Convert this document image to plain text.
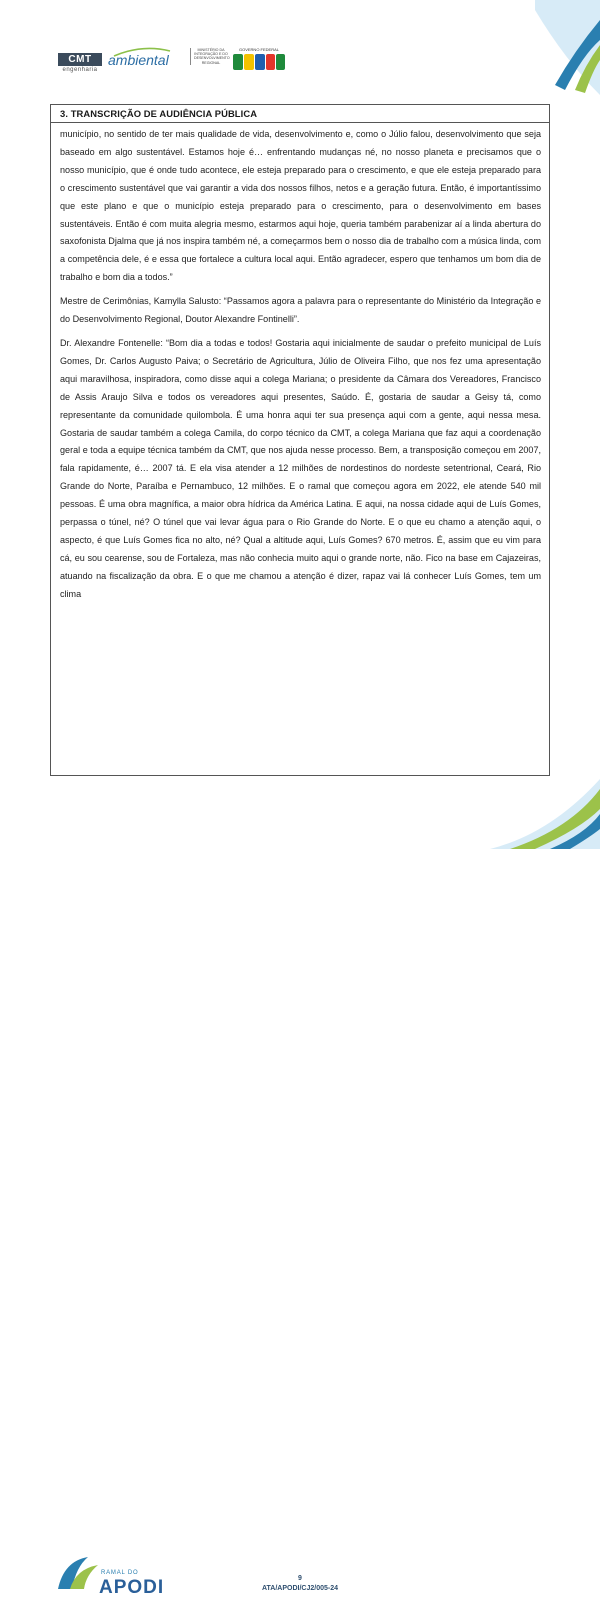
CMT
engenharia
ambiental
MINISTÉRIO DA INTEGRAÇÃO E DO DESENVOLVIMENTO REGIONAL
GOVERNO FEDERAL
3. TRANSCRIÇÃO DE AUDIÊNCIA PÚBLICA

município, no sentido de ter mais qualidade de vida, desenvolvimento e, como o Júlio falou, desenvolvimento que seja baseado em algo sustentável. Estamos hoje é… enfrentando mudanças né, no nosso planeta e precisamos que o nosso município, que é onde tudo acontece, ele esteja preparado para o crescimento, e que ele esteja preparado para o crescimento sustentável que vai garantir a vida dos nossos filhos, netos e a geração futura. Então, é importantíssimo que este plano e que o município esteja preparado para o crescimento, para o desenvolvimento em bases sustentáveis. Então é com muita alegria mesmo, estarmos aqui hoje, queria também parabenizar aí a linda abertura do saxofonista Djalma que já nos inspira também né, a começarmos bem o nosso dia de trabalho com a música linda, com a competência dele, é e essa que fortalece a cultura local aqui. Então agradecer, espero que tenhamos um bom dia de trabalho e bom dia a todos.”

Mestre de Cerimônias, Kamylla Salusto: “Passamos agora a palavra para o representante do Ministério da Integração e do Desenvolvimento Regional, Doutor Alexandre Fontinelli”.

Dr. Alexandre Fontenelle: “Bom dia a todas e todos! Gostaria aqui inicialmente de saudar o prefeito municipal de Luís Gomes, Dr. Carlos Augusto Paiva; o Secretário de Agricultura, Júlio de Oliveira Filho, que nos fez uma apresentação aqui maravilhosa, inspiradora, como disse aqui a colega Mariana; o presidente da Câmara dos Vereadores, Francisco de Assis Araujo Silva e todos os vereadores aqui presentes, Saúdo. É, gostaria de saudar a Geisy tá, como representante da comunidade quilombola. É uma honra aqui ter sua presença aqui com a gente, aqui nessa mesa. Gostaria de saudar também a colega Camila, do corpo técnico da CMT, a colega Mariana que faz aqui a coordenação geral e toda a equipe técnica também da CMT, que nos ajuda nesse processo. Bem, a transposição começou em 2007, fala rapidamente, é… 2007 tá. E ela visa atender a 12 milhões de nordestinos do nordeste setentrional, Ceará, Rio Grande do Norte, Paraíba e Pernambuco, 12 milhões. E o ramal que começou agora em 2022, ele atende 540 mil pessoas. É uma obra magnífica, a maior obra hídrica da América Latina. E aqui, na nossa cidade aqui de Luís Gomes, perpassa o túnel, né? O túnel que vai levar água para o Rio Grande do Norte. E o que eu chamo a atenção aqui, o aspecto, é que Luís Gomes fica no alto, né? Qual a altitude aqui, Luís Gomes? 670 metros. É, assim que eu vim para cá, eu sou cearense, sou de Fortaleza, mas não conhecia muito aqui o grande norte, não. Fico na base em Cajazeiras, atuando na fiscalização da obra. E o que me chamou a atenção é dizer, rapaz vai lá conhecer Luís Gomes, tem um clima

RAMAL DO
APODI	9
ATA/APODI/CJ2/005-24
